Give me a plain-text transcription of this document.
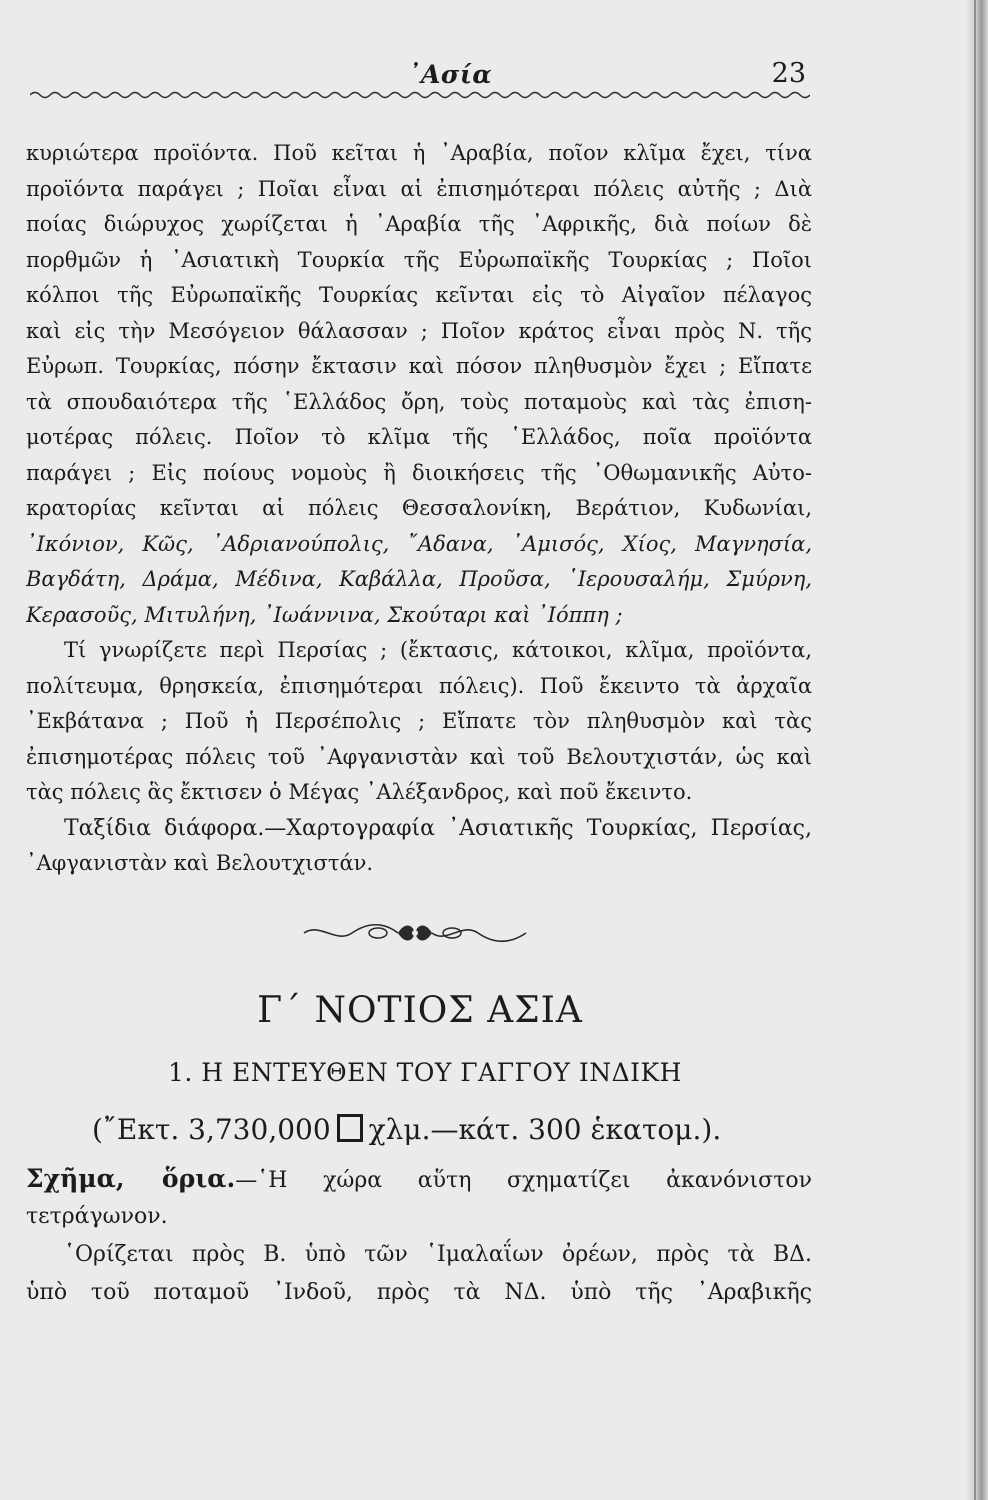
᾿Ασία	23
κυριώτερα προϊόντα. Ποῦ κεῖται ἡ ᾿Αραβία, ποῖον κλῖμα ἔχει, τίνα
προϊόντα παράγει ; Ποῖαι εἶναι αἱ ἐπισημότεραι πόλεις αὐτῆς ; Διὰ
ποίας διώρυχος χωρίζεται ἡ ᾿Αραβία τῆς ᾿Αφρικῆς, διὰ ποίων δὲ
πορθμῶν ἡ ᾿Ασιατικὴ Τουρκία τῆς Εὐρωπαϊκῆς Τουρκίας ; Ποῖοι
κόλποι τῆς Εὐρωπαϊκῆς Τουρκίας κεῖνται εἰς τὸ Αἰγαῖον πέλαγος
καὶ εἰς τὴν Μεσόγειον θάλασσαν ; Ποῖον κράτος εἶναι πρὸς Ν. τῆς
Εὐρωπ. Τουρκίας, πόσην ἔκτασιν καὶ πόσον πληθυσμὸν ἔχει ; Εἴπατε
τὰ σπουδαιότερα τῆς ῾Ελλάδος ὄρη, τοὺς ποταμοὺς καὶ τὰς ἐπιση-
μοτέρας πόλεις. Ποῖον τὸ κλῖμα τῆς ῾Ελλάδος, ποῖα προϊόντα
παράγει ; Εἰς ποίους νομοὺς ἢ διοικήσεις τῆς ᾿Οθωμανικῆς Αὐτο-
κρατορίας κεῖνται αἱ πόλεις Θεσσαλονίκη, Βεράτιον, Κυδωνίαι,
᾿Ικόνιον, Κῶς, ᾿Αδριανούπολις, ῎Αδανα, ᾿Αμισός, Χίος, Μαγνησία,
Βαγδάτη, Δράμα, Μέδινα, Καβάλλα, Προῦσα, ῾Ιερουσαλήμ, Σμύρνη,
Κερασοῦς, Μιτυλήνη, ᾿Ιωάννινα, Σκούταρι καὶ ᾿Ιόππη ;
Τί γνωρίζετε περὶ Περσίας ; (ἔκτασις, κάτοικοι, κλῖμα, προϊόντα,
πολίτευμα, θρησκεία, ἐπισημότεραι πόλεις). Ποῦ ἔκειντο τὰ ἀρχαῖα
᾿Εκβάτανα ; Ποῦ ἡ Περσέπολις ; Εἴπατε τὸν πληθυσμὸν καὶ τὰς
ἐπισημοτέρας πόλεις τοῦ ᾿Αφγανιστὰν καὶ τοῦ Βελουτχιστάν, ὡς καὶ
τὰς πόλεις ἃς ἔκτισεν ὁ Μέγας ᾿Αλέξανδρος, καὶ ποῦ ἔκειντο.
Ταξίδια διάφορα.—Χαρτογραφία ᾿Ασιατικῆς Τουρκίας, Περσίας,
᾿Αφγανιστὰν καὶ Βελουτχιστάν.
Γ΄ ΝΟΤΙΟΣ ΑΣΙΑ
1. Η ΕΝΤΕΥΘΕΝ ΤΟΥ ΓΑΓΓΟΥ ΙΝΔΙΚΗ
(῎Εκτ. 3,730,000 χλμ.—κάτ. 300 ἑκατομ.).
Σχῆμα, ὅρια.—῾Η χώρα αὕτη σχηματίζει ἀκανόνιστον
τετράγωνον.
῾Ορίζεται πρὸς Β. ὑπὸ τῶν ῾Ιμαλαΐων ὀρέων, πρὸς τὰ ΒΔ.
ὑπὸ τοῦ ποταμοῦ ᾿Ινδοῦ, πρὸς τὰ ΝΔ. ὑπὸ τῆς ᾿Αραβικῆς
